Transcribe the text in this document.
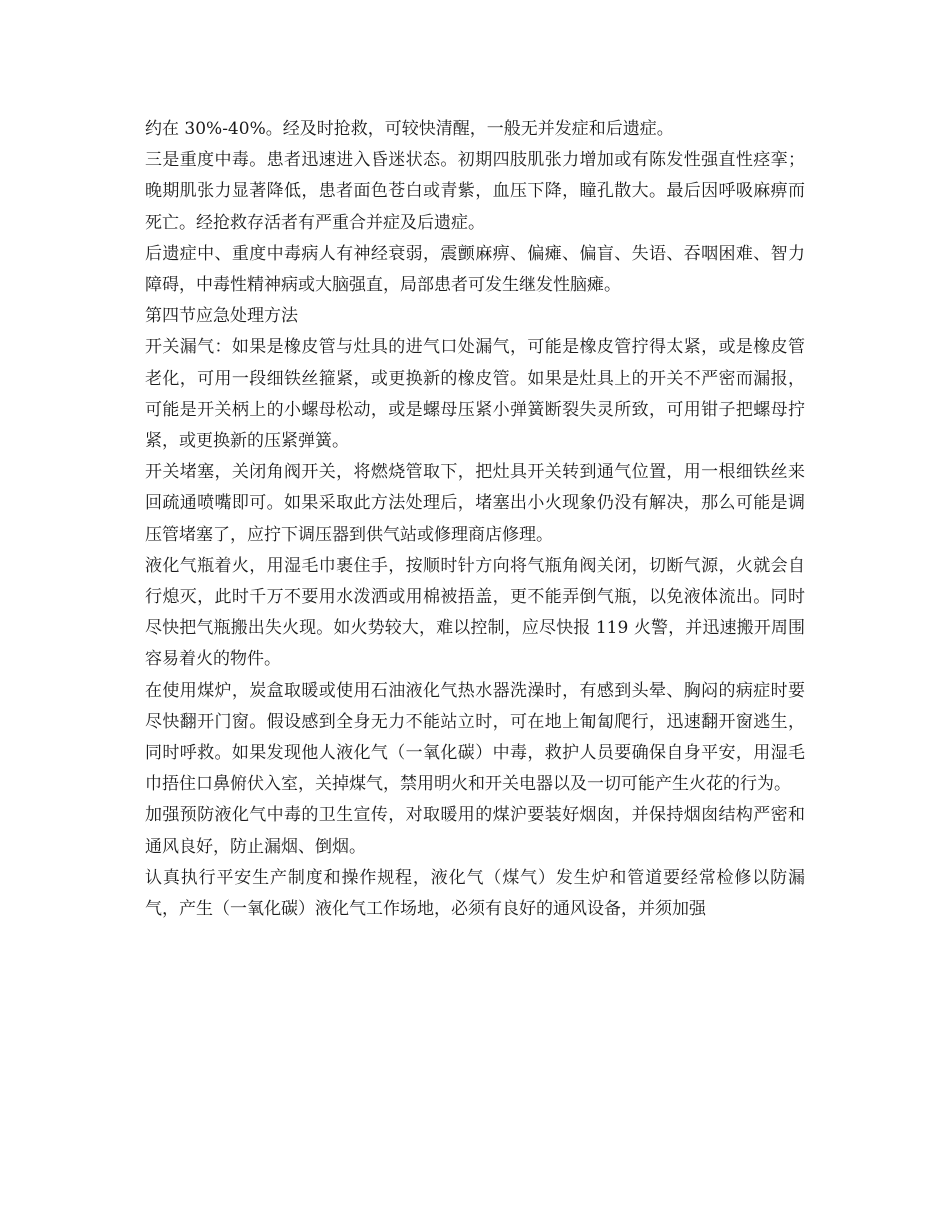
约在 30%-40%。经及时抢救，可较快清醒，一般无并发症和后遗症。

三是重度中毒。患者迅速进入昏迷状态。初期四肢肌张力增加或有陈发性强直性痉挛；晚期肌张力显著降低，患者面色苍白或青紫，血压下降，瞳孔散大。最后因呼吸麻痹而死亡。经抢救存活者有严重合并症及后遗症。

后遗症中、重度中毒病人有神经衰弱，震颤麻痹、偏瘫、偏盲、失语、吞咽困难、智力障碍，中毒性精神病或大脑强直，局部患者可发生继发性脑瘫。

第四节应急处理方法

开关漏气：如果是橡皮管与灶具的进气口处漏气，可能是橡皮管拧得太紧，或是橡皮管老化，可用一段细铁丝箍紧，或更换新的橡皮管。如果是灶具上的开关不严密而漏报，可能是开关柄上的小螺母松动，或是螺母压紧小弹簧断裂失灵所致，可用钳子把螺母拧紧，或更换新的压紧弹簧。

开关堵塞，关闭角阀开关，将燃烧管取下，把灶具开关转到通气位置，用一根细铁丝来回疏通喷嘴即可。如果采取此方法处理后，堵塞出小火现象仍没有解决，那么可能是调压管堵塞了，应拧下调压器到供气站或修理商店修理。

液化气瓶着火，用湿毛巾裹住手，按顺时针方向将气瓶角阀关闭，切断气源，火就会自行熄灭，此时千万不要用水泼洒或用棉被捂盖，更不能弄倒气瓶，以免液体流出。同时尽快把气瓶搬出失火现。如火势较大，难以控制，应尽快报 119 火警，并迅速搬开周围容易着火的物件。

在使用煤炉，炭盒取暖或使用石油液化气热水器洗澡时，有感到头晕、胸闷的病症时要尽快翻开门窗。假设感到全身无力不能站立时，可在地上匍匐爬行，迅速翻开窗逃生，同时呼救。如果发现他人液化气（一氧化碳）中毒，救护人员要确保自身平安，用湿毛巾捂住口鼻俯伏入室，关掉煤气，禁用明火和开关电器以及一切可能产生火花的行为。

加强预防液化气中毒的卫生宣传，对取暖用的煤沪要装好烟囱，并保持烟囱结构严密和通风良好，防止漏烟、倒烟。

认真执行平安生产制度和操作规程，液化气（煤气）发生炉和管道要经常检修以防漏气，产生（一氧化碳）液化气工作场地，必须有良好的通风设备，并须加强
